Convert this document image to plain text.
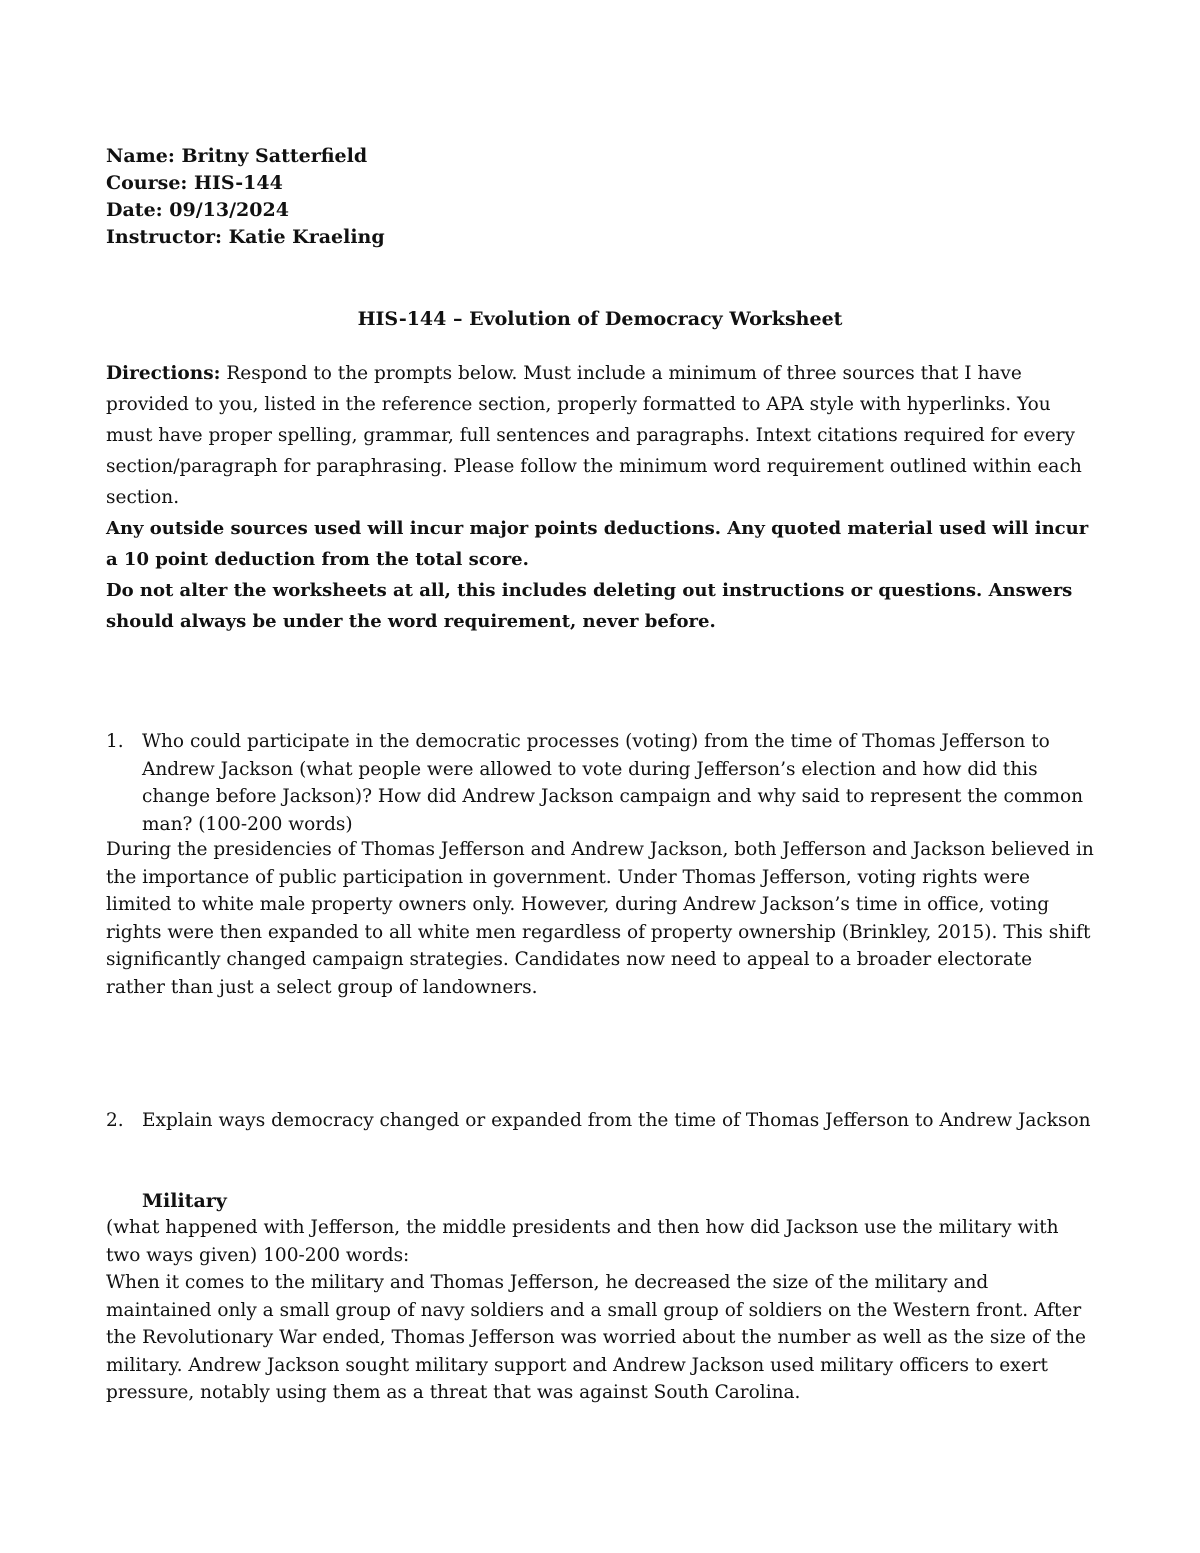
Name: Britny Satterfield
Course: HIS-144
Date: 09/13/2024
Instructor: Katie Kraeling
HIS-144 – Evolution of Democracy Worksheet

Directions: Respond to the prompts below. Must include a minimum of three sources that I have provided to you, listed in the reference section, properly formatted to APA style with hyperlinks. You must have proper spelling, grammar, full sentences and paragraphs. Intext citations required for every section/paragraph for paraphrasing. Please follow the minimum word requirement outlined within each section.

Any outside sources used will incur major points deductions. Any quoted material used will incur a 10 point deduction from the total score.

Do not alter the worksheets at all, this includes deleting out instructions or questions. Answers should always be under the word requirement, never before.

1. Who could participate in the democratic processes (voting) from the time of Thomas Jefferson to Andrew Jackson (what people were allowed to vote during Jefferson’s election and how did this change before Jackson)? How did Andrew Jackson campaign and why said to represent the common man? (100-200 words)
During the presidencies of Thomas Jefferson and Andrew Jackson, both Jefferson and Jackson believed in the importance of public participation in government. Under Thomas Jefferson, voting rights were limited to white male property owners only. However, during Andrew Jackson’s time in office, voting rights were then expanded to all white men regardless of property ownership (Brinkley, 2015). This shift significantly changed campaign strategies. Candidates now need to appeal to a broader electorate rather than just a select group of landowners.
2. Explain ways democracy changed or expanded from the time of Thomas Jefferson to Andrew Jackson
Military
(what happened with Jefferson, the middle presidents and then how did Jackson use the military with two ways given) 100-200 words:
When it comes to the military and Thomas Jefferson, he decreased the size of the military and maintained only a small group of navy soldiers and a small group of soldiers on the Western front. After the Revolutionary War ended, Thomas Jefferson was worried about the number as well as the size of the military. Andrew Jackson sought military support and Andrew Jackson used military officers to exert pressure, notably using them as a threat that was against South Carolina.
